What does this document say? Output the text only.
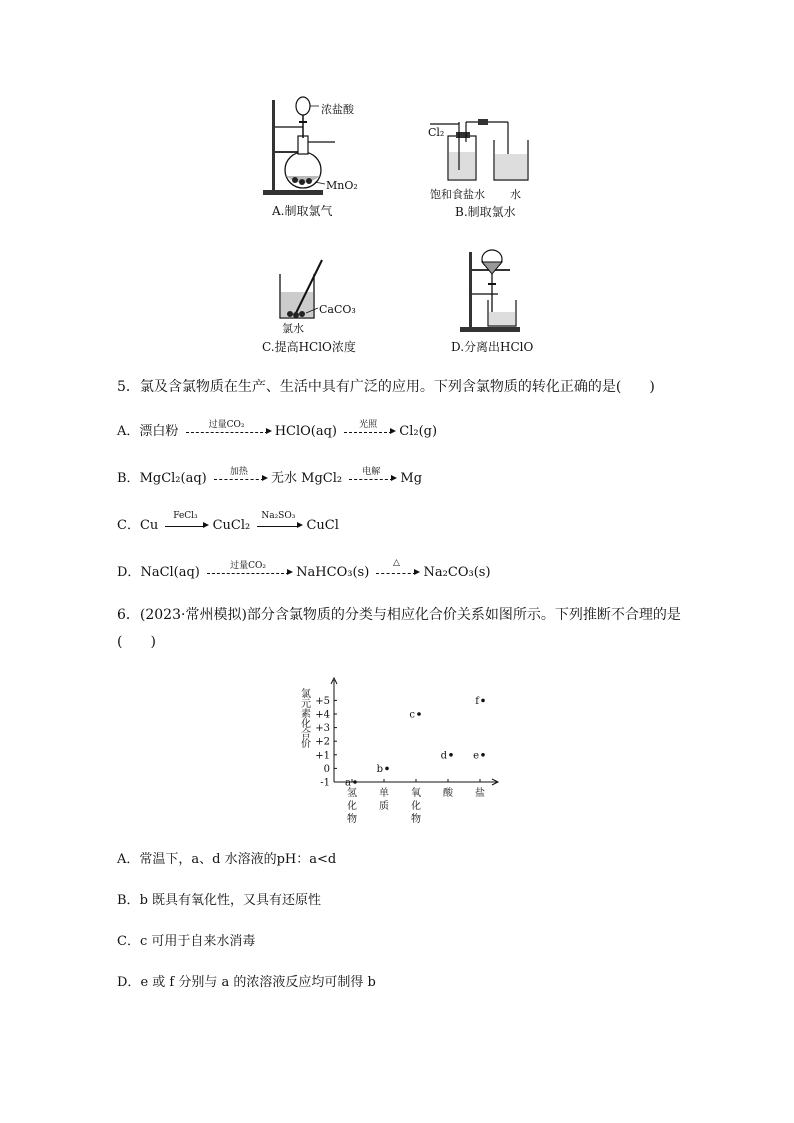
浓盐酸
MnO₂
A.制取氯气
Cl₂
饱和食盐水 水
B.制取氯水
CaCO₃
氯水
C.提高HClO浓度	D.分离出HClO
5．氯及含氯物质在生产、生活中具有广泛的应用。下列含氯物质的转化正确的是(　　)
A．漂白粉	过量CO₂	HClO(aq)	光照	Cl₂(g)
B．MgCl₂(aq)	加热	无水 MgCl₂	电解	Mg
C．Cu
FeCl₃
CuCl₂
Na₂SO₃
CuCl
D．NaCl(aq)	过量CO₂	NaHCO₃(s)
△
Na₂CO₃(s)
6．(2023·常州模拟)部分含氯物质的分类与相应化合价关系如图所示。下列推断不合理的是
(　　)
氯元素化合价 +5
+4
+3
+2
+1
0
-1
氢化物
单质
氧化物
酸 盐
a
b
c
d	e
f
A．常温下，a、d 水溶液的pH：a<d
B．b 既具有氧化性，又具有还原性
C．c 可用于自来水消毒
D．e 或 f 分别与 a 的浓溶液反应均可制得 b
